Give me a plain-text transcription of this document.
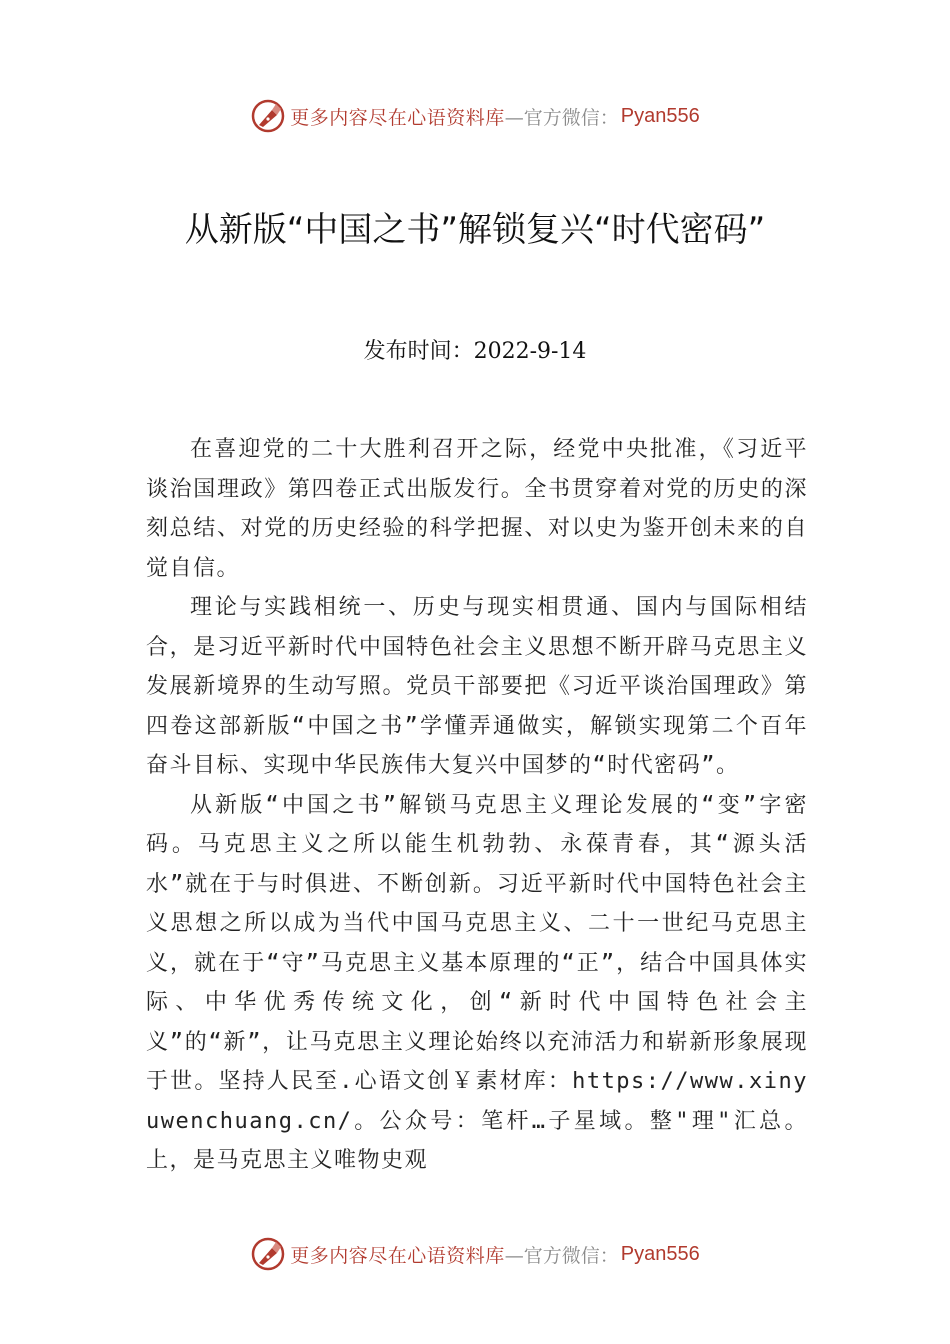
更多内容尽在心语资料库 —官方微信： Pyan556
从新版“中国之书”解锁复兴“时代密码”
发布时间：2022-9-14

在喜迎党的二十大胜利召开之际，经党中央批准，《习近平谈治国理政》第四卷正式出版发行。全书贯穿着对党的历史的深刻总结、对党的历史经验的科学把握、对以史为鉴开创未来的自觉自信。

理论与实践相统一、历史与现实相贯通、国内与国际相结合，是习近平新时代中国特色社会主义思想不断开辟马克思主义发展新境界的生动写照。党员干部要把《习近平谈治国理政》第四卷这部新版“中国之书”学懂弄通做实，解锁实现第二个百年奋斗目标、实现中华民族伟大复兴中国梦的“时代密码”。

从新版“中国之书”解锁马克思主义理论发展的“变”字密码。马克思主义之所以能生机勃勃、永葆青春，其“源头活水”就在于与时俱进、不断创新。习近平新时代中国特色社会主义思想之所以成为当代中国马克思主义、二十一世纪马克思主义，就在于“守”马克思主义基本原理的“正”，结合中国具体实际、中华优秀传统文化，创“新时代中国特色社会主义”的“新”，让马克思主义理论始终以充沛活力和崭新形象展现于世。坚持人民至.心语文创￥素材库：https://www.xinyuwenchuang.cn/。公众号：笔杆…子星域。整"理"汇总。上，是马克思主义唯物史观

更多内容尽在心语资料库 —官方微信： Pyan556
